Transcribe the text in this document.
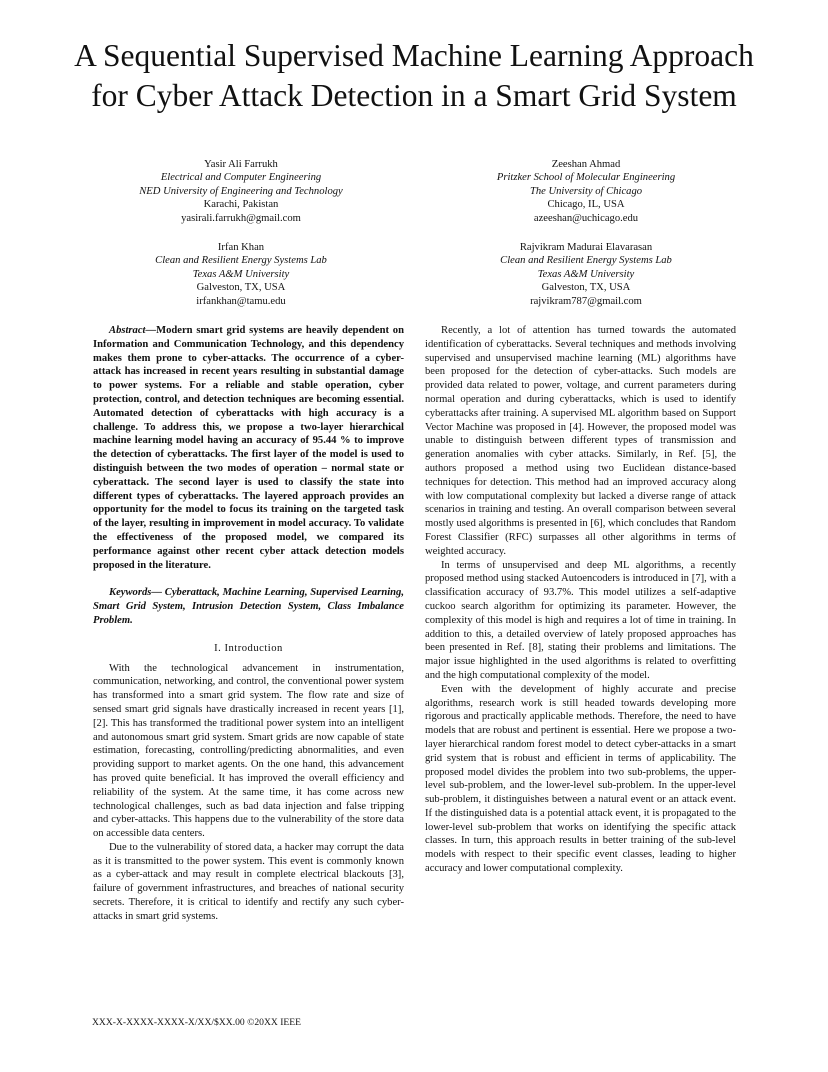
A Sequential Supervised Machine Learning Approach for Cyber Attack Detection in a Smart Grid System
Yasir Ali Farrukh
Electrical and Computer Engineering
NED University of Engineering and Technology
Karachi, Pakistan
yasirali.farrukh@gmail.com
Zeeshan Ahmad
Pritzker School of Molecular Engineering
The University of Chicago
Chicago, IL, USA
azeeshan@uchicago.edu
Irfan Khan
Clean and Resilient Energy Systems Lab
Texas A&M University
Galveston, TX, USA
irfankhan@tamu.edu
Rajvikram Madurai Elavarasan
Clean and Resilient Energy Systems Lab
Texas A&M University
Galveston, TX, USA
rajvikram787@gmail.com

Abstract—Modern smart grid systems are heavily dependent on Information and Communication Technology, and this dependency makes them prone to cyber-attacks. The occurrence of a cyber-attack has increased in recent years resulting in substantial damage to power systems. For a reliable and stable operation, cyber protection, control, and detection techniques are becoming essential. Automated detection of cyberattacks with high accuracy is a challenge. To address this, we propose a two-layer hierarchical machine learning model having an accuracy of 95.44 % to improve the detection of cyberattacks. The first layer of the model is used to distinguish between the two modes of operation – normal state or cyberattack. The second layer is used to classify the state into different types of cyberattacks. The layered approach provides an opportunity for the model to focus its training on the targeted task of the layer, resulting in improvement in model accuracy. To validate the effectiveness of the proposed model, we compared its performance against other recent cyber attack detection models proposed in the literature.

Keywords— Cyberattack, Machine Learning, Supervised Learning, Smart Grid System, Intrusion Detection System, Class Imbalance Problem.

I. Introduction

With the technological advancement in instrumentation, communication, networking, and control, the conventional power system has transformed into a smart grid system. The flow rate and size of sensed smart grid signals have drastically increased in recent years [1],[2]. This has transformed the traditional power system into an intelligent and autonomous smart grid system. Smart grids are now capable of state estimation, forecasting, controlling/predicting abnormalities, and even providing support to market agents. On the one hand, this advancement has proved quite beneficial. It has improved the overall efficiency and reliability of the system. At the same time, it has come across new technological challenges, such as bad data injection and false tripping and cyber-attacks. This happens due to the vulnerability of the store data on accessible data centers.

Due to the vulnerability of stored data, a hacker may corrupt the data as it is transmitted to the power system. This event is commonly known as a cyber-attack and may result in complete electrical blackouts [3], failure of government infrastructures, and breaches of national security secrets. Therefore, it is critical to identify and rectify any such cyber-attacks in smart grid systems.

Recently, a lot of attention has turned towards the automated identification of cyberattacks. Several techniques and methods involving supervised and unsupervised machine learning (ML) algorithms have been proposed for the detection of cyber-attacks. Such models are provided data related to power, voltage, and current parameters during normal operation and during cyberattacks, which is used to identify cyberattacks after training. A supervised ML algorithm based on Support Vector Machine was proposed in [4]. However, the proposed model was unable to distinguish between different types of transmission and generation anomalies with cyber attacks. Similarly, in Ref. [5], the authors proposed a method using two Euclidean distance-based techniques for detection. This method had an improved accuracy along with low computational complexity but lacked a diverse range of attack scenarios in training and testing. An overall comparison between several mostly used algorithms is presented in [6], which concludes that Random Forest Classifier (RFC) surpasses all other algorithms in terms of weighted accuracy.

In terms of unsupervised and deep ML algorithms, a recently proposed method using stacked Autoencoders is introduced in [7], with a classification accuracy of 93.7%. This model utilizes a self-adaptive cuckoo search algorithm for optimizing its parameter. However, the complexity of this model is high and requires a lot of time in training. In addition to this, a detailed overview of lately proposed approaches has been presented in Ref. [8], stating their problems and limitations. The major issue highlighted in the used algorithms is related to overfitting and the high computational complexity of the model.

Even with the development of highly accurate and precise algorithms, research work is still headed towards developing more rigorous and practically applicable methods. Therefore, the need to have models that are robust and pertinent is essential. Here we propose a two-layer hierarchical random forest model to detect cyber-attacks in a smart grid system that is robust and efficient in terms of applicability. The proposed model divides the problem into two sub-problems, the upper-level sub-problem, and the lower-level sub-problem. In the upper-level sub-problem, it distinguishes between a natural event or an attack event. If the distinguished data is a potential attack event, it is propagated to the lower-level sub-problem that works on identifying the specific attack classes. In turn, this approach results in better training of the sub-level models with respect to their specific event classes, leading to higher accuracy and lower computational complexity.

XXX-X-XXXX-XXXX-X/XX/$XX.00 ©20XX IEEE
